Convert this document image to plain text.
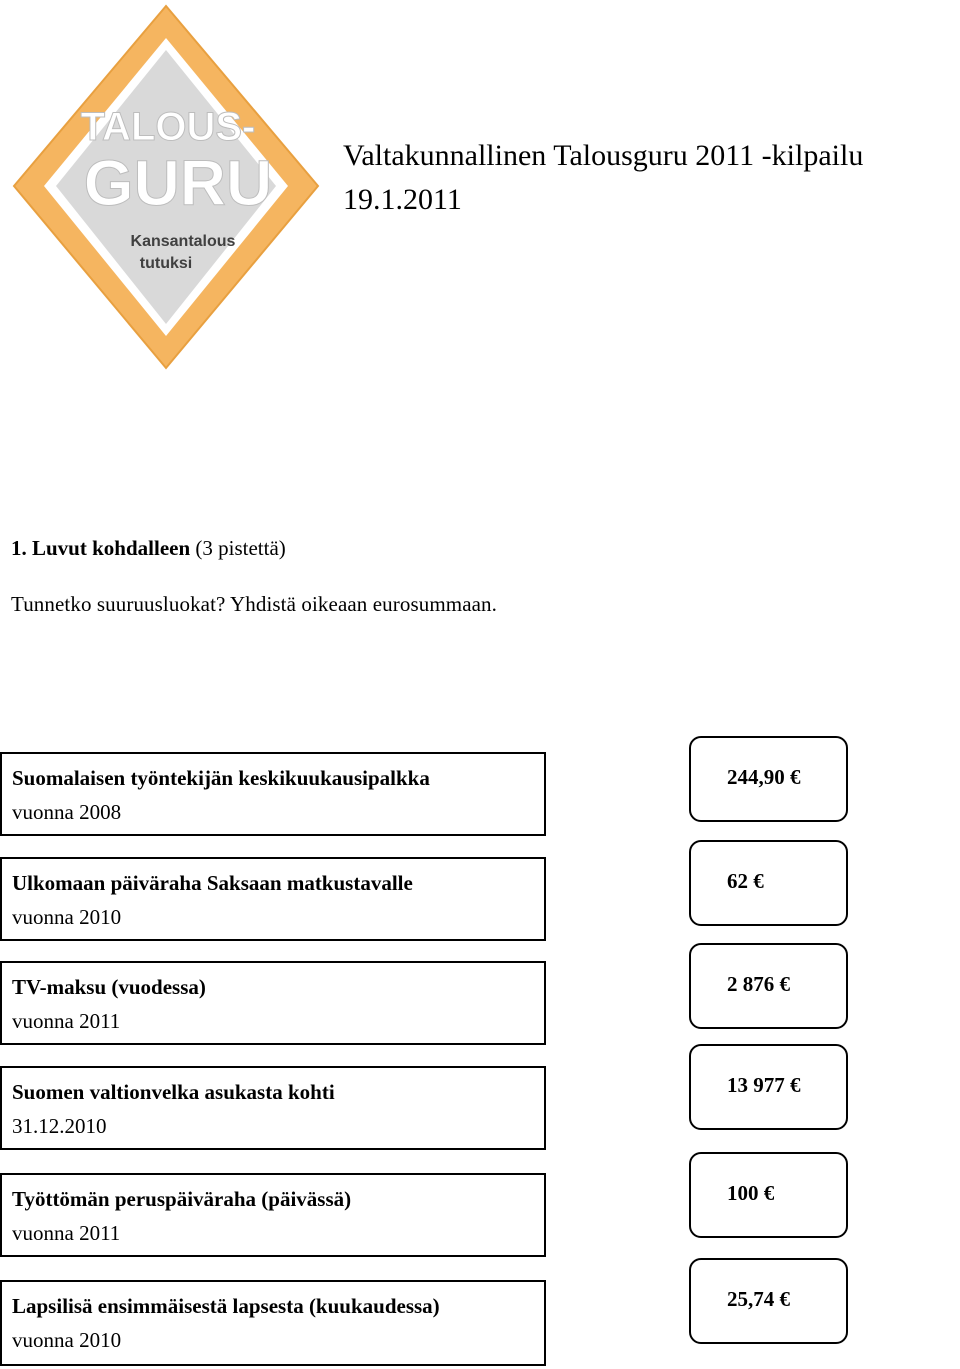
TALOUS-
GURU
Kansantalous
tutuksi
Valtakunnallinen Talousguru 2011 -kilpailu
19.1.2011
1. Luvut kohdalleen (3 pistettä)
Tunnetko suuruusluokat? Yhdistä oikeaan eurosummaan.
Suomalaisen työntekijän keskikuukausipalkka
vuonna 2008
Ulkomaan päiväraha Saksaan matkustavalle
vuonna 2010
TV-maksu (vuodessa)
vuonna 2011
Suomen valtionvelka asukasta kohti
31.12.2010
Työttömän peruspäiväraha (päivässä)
vuonna 2011
Lapsilisä ensimmäisestä lapsesta (kuukaudessa)
vuonna 2010
244,90 €
62 €
2 876 €
13 977 €
100 €
25,74 €
